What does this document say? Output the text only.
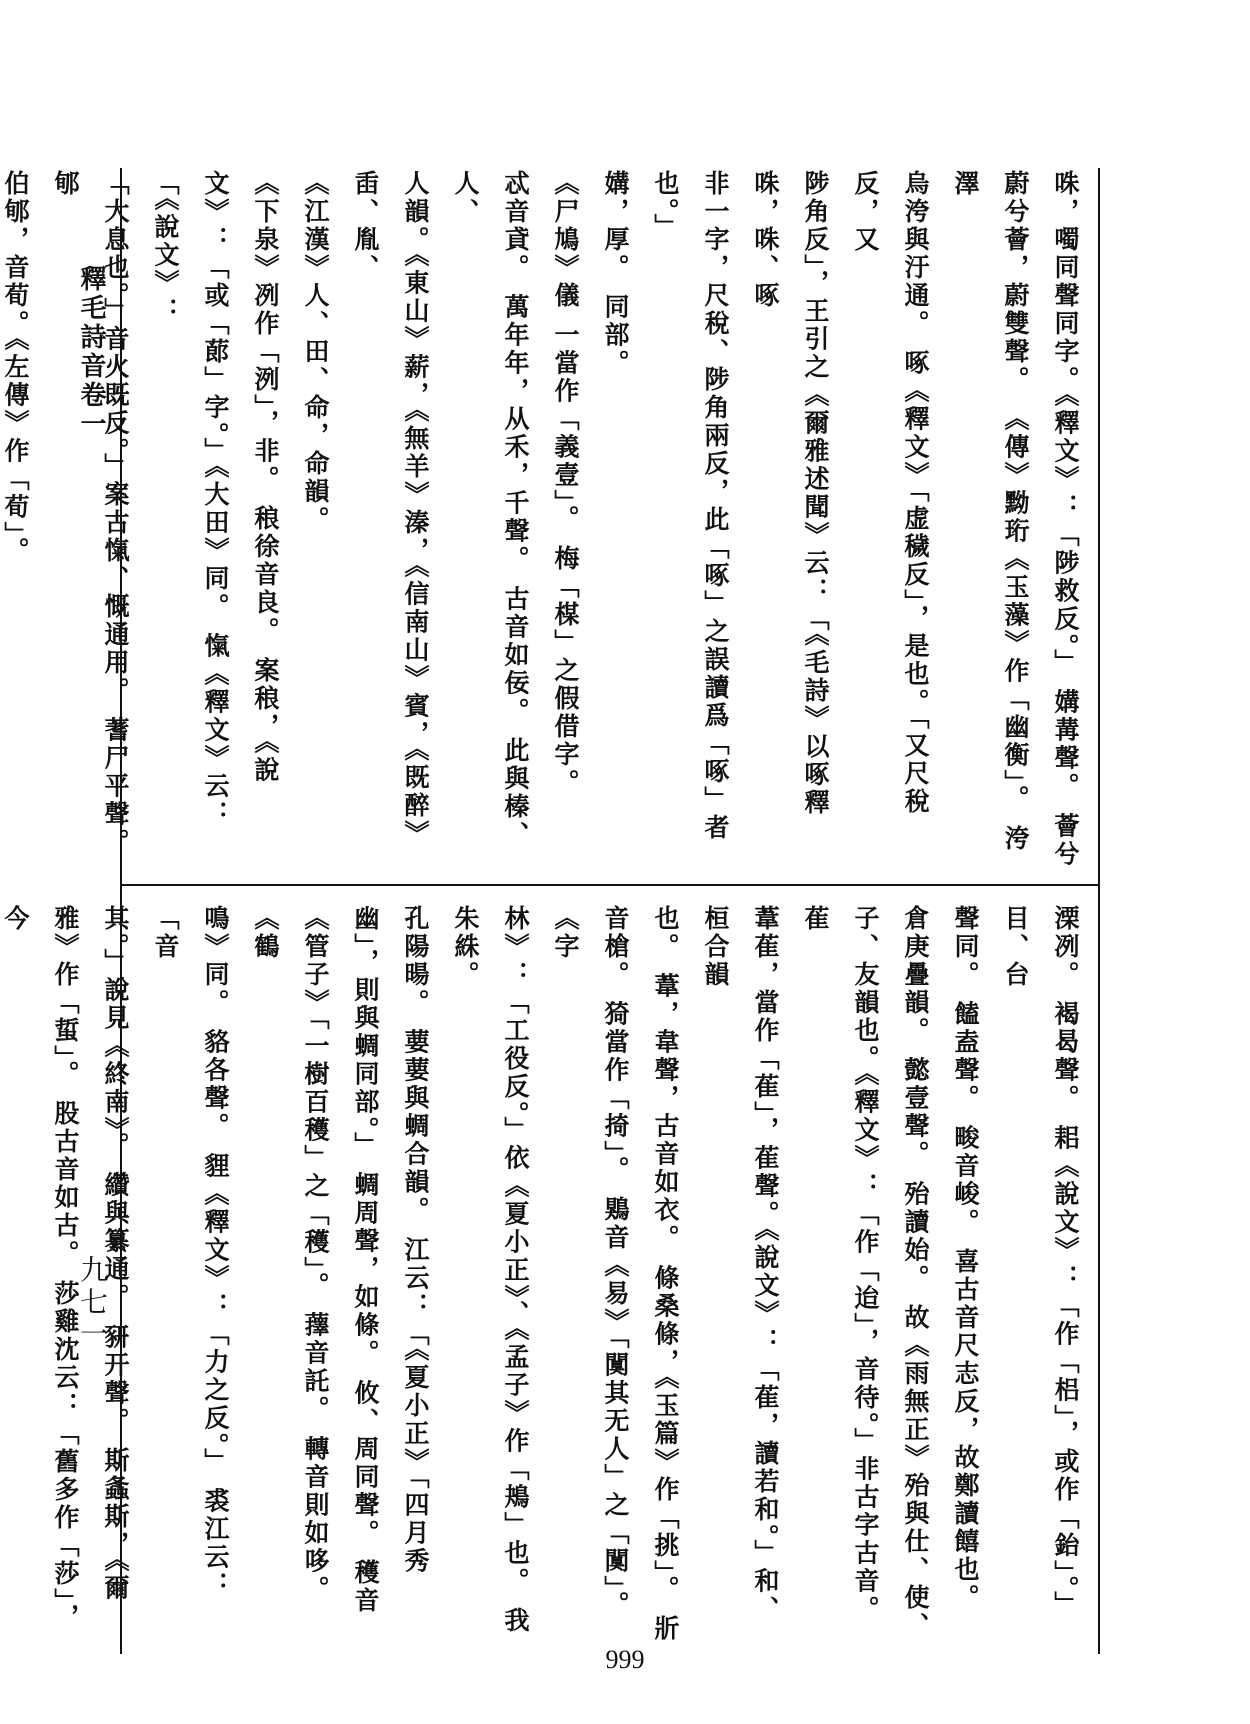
釋毛詩音卷一
九七一
咮，噣同聲同字。《釋文》：「陟救反。」 媾冓聲。 薈兮
蔚兮薈，蔚雙聲。 《傳》黝珩《玉藻》作「幽衡」。 洿澤
烏洿與汙通。 啄《釋文》「虚穢反」，是也。「又尺稅反，又
陟角反」，王引之《爾雅述聞》云：「《毛詩》以啄釋咮，咮、啄
非一字，尺稅、陟角兩反，此「啄」之誤讀爲「啄」者也。」
媾，厚。 同部。
《尸鳩》儀 一當作「義壹」。 梅「楳」之假借字。
忒音貣。 萬年年，从禾，千聲。 古音如佞。 此與榛、人、
人韻。《東山》薪，《無羊》溱，《信南山》賓，《既醉》臿、胤、
《江漢》人、田、命，命韻。
《下泉》冽作「洌」，非。 稂徐音良。 案稂，《說
文》：「或「蓈」字。」《大田》同。 愾《釋文》云：「《說文》：
「大息也。」音火既反。」案古愾、慨通用。 蓍尸平聲。 郇
伯郇，音荀。《左傳》作「荀」。
溧冽。 褐曷聲。 耜《說文》：「作「梠」，或作「鈶」。」 目、台
聲同。 饁盍聲。 畯音峻。 喜古音尺志反，故鄭讀饎也。
倉庚疊韻。 懿壹聲。 殆讀始。 故《雨無正》殆與仕、使、
子、友韻也。《釋文》：「作「迨」，音待。」非古字古音。 萑
葦萑，當作「萑」，萑聲。《說文》：「萑，讀若和。」和、桓合韻
也。 葦，韋聲，古音如衣。 條桑條，《玉篇》作「挑」。 斨
音槍。 猗當作「掎」。 鶪音《易》「闃其无人」之「闃」。《字
林》：「工役反。」依《夏小正》、《孟子》作「鴂」也。 我朱絑。
孔陽暘。 葽葽與蜩合韻。 江云：「《夏小正》「四月秀
幽」，則與蜩同部。」 蜩周聲，如條。 攸、周同聲。 穫音
《管子》「一樹百穫」之「穫」。 蘀音託。 轉音則如哆。《鶴
鳴》同。 貉各聲。 貍《釋文》：「力之反。」 裘江云：「音
其。」說見《終南》。 纘與纂通。 豜开聲。 斯螽斯，《爾
雅》作「蜇」。 股古音如古。 莎雞沈云：「舊多作「莎」，今
999
